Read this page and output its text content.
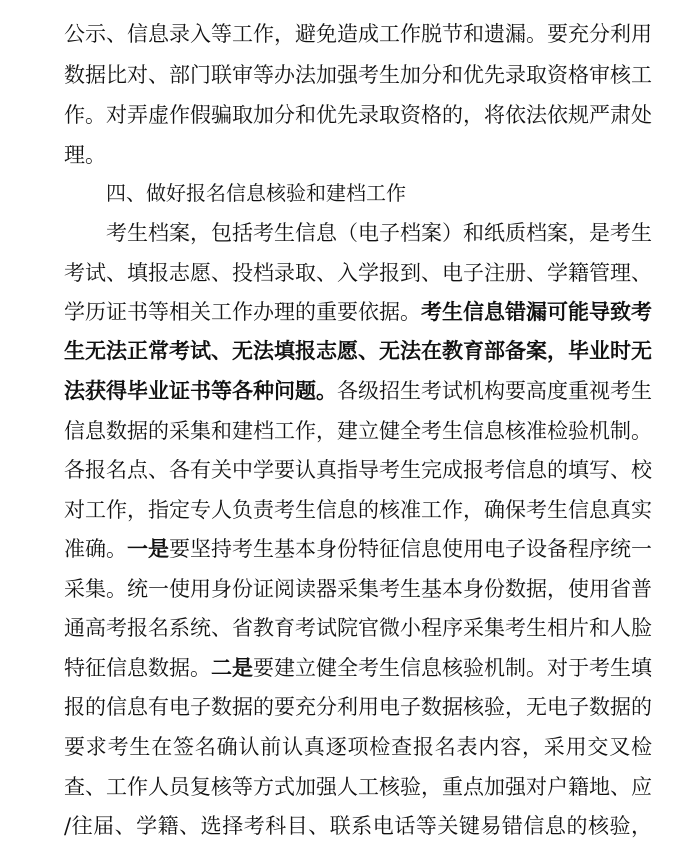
公示、信息录入等工作，避免造成工作脱节和遗漏。要充分利用
数据比对、部门联审等办法加强考生加分和优先录取资格审核工
作。对弄虚作假骗取加分和优先录取资格的，将依法依规严肃处
理。
四、做好报名信息核验和建档工作
考生档案，包括考生信息（电子档案）和纸质档案，是考生
考试、填报志愿、投档录取、入学报到、电子注册、学籍管理、
学历证书等相关工作办理的重要依据。考生信息错漏可能导致考
生无法正常考试、无法填报志愿、无法在教育部备案，毕业时无
法获得毕业证书等各种问题。各级招生考试机构要高度重视考生
信息数据的采集和建档工作，建立健全考生信息核准检验机制。
各报名点、各有关中学要认真指导考生完成报考信息的填写、校
对工作，指定专人负责考生信息的核准工作，确保考生信息真实
准确。一是要坚持考生基本身份特征信息使用电子设备程序统一
采集。统一使用身份证阅读器采集考生基本身份数据，使用省普
通高考报名系统、省教育考试院官微小程序采集考生相片和人脸
特征信息数据。二是要建立健全考生信息核验机制。对于考生填
报的信息有电子数据的要充分利用电子数据核验，无电子数据的
要求考生在签名确认前认真逐项检查报名表内容，采用交叉检
查、工作人员复核等方式加强人工核验，重点加强对户籍地、应
/往届、学籍、选择考科目、联系电话等关键易错信息的核验，
